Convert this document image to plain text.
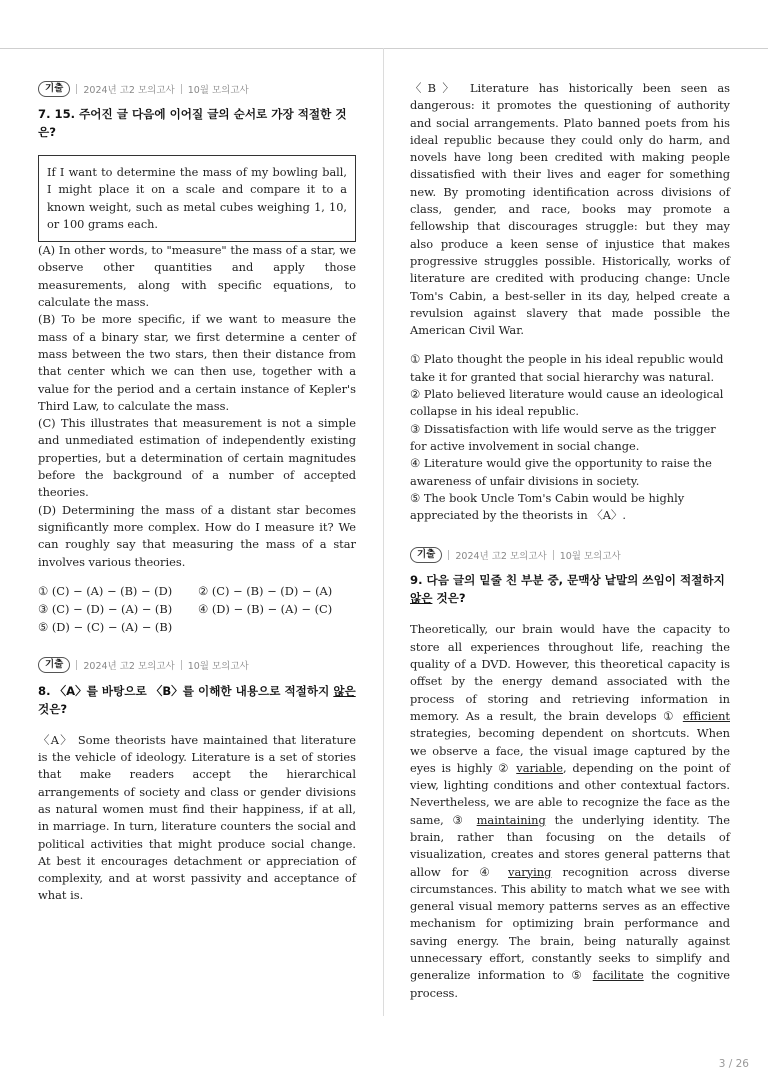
기출	2024년 고2 모의고사 10월 모의고사
7. 15. 주어진 글 다음에 이어질 글의 순서로 가장 적절한 것은?

If I want to determine the mass of my bowling ball, I might place it on a scale and compare it to a known weight, such as metal cubes weighing 1, 10, or 100 grams each.

(A) In other words, to "measure" the mass of a star, we observe other quantities and apply those measurements, along with specific equations, to calculate the mass.

(B) To be more specific, if we want to measure the mass of a binary star, we first determine a center of mass between the two stars, then their distance from that center which we can then use, together with a value for the period and a certain instance of Kepler's Third Law, to calculate the mass.

(C) This illustrates that measurement is not a simple and unmediated estimation of independently existing properties, but a determination of certain magnitudes before the background of a number of accepted theories.

(D) Determining the mass of a distant star becomes significantly more complex. How do I measure it? We can roughly say that measuring the mass of a star involves various theories.

① (C) − (A) − (B) − (D)	② (C) − (B) − (D) − (A)
③ (C) − (D) − (A) − (B)	④ (D) − (B) − (A) − (C)
⑤ (D) − (C) − (A) − (B)
기출	2024년 고2 모의고사 10월 모의고사
8. 〈A〉를 바탕으로 〈B〉를 이해한 내용으로 적절하지 않은 것은?

〈A〉 Some theorists have maintained that literature is the vehicle of ideology. Literature is a set of stories that make readers accept the hierarchical arrangements of society and class or gender divisions as natural women must find their happiness, if at all, in marriage. In turn, literature counters the social and political activities that might produce social change. At best it encourages detachment or appreciation of complexity, and at worst passivity and acceptance of what is.

〈B〉 Literature has historically been seen as dangerous: it promotes the questioning of authority and social arrangements. Plato banned poets from his ideal republic because they could only do harm, and novels have long been credited with making people dissatisfied with their lives and eager for something new. By promoting identification across divisions of class, gender, and race, books may promote a fellowship that discourages struggle: but they may also produce a keen sense of injustice that makes progressive struggles possible. Historically, works of literature are credited with producing change: Uncle Tom's Cabin, a best-seller in its day, helped create a revulsion against slavery that made possible the American Civil War.

① Plato thought the people in his ideal republic would take it for granted that social hierarchy was natural.
② Plato believed literature would cause an ideological collapse in his ideal republic.
③ Dissatisfaction with life would serve as the trigger for active involvement in social change.
④ Literature would give the opportunity to raise the awareness of unfair divisions in society.
⑤ The book Uncle Tom's Cabin would be highly appreciated by the theorists in 〈A〉.
기출	2024년 고2 모의고사 10월 모의고사
9. 다음 글의 밑줄 친 부분 중, 문맥상 낱말의 쓰임이 적절하지 않은 것은?

Theoretically, our brain would have the capacity to store all experiences throughout life, reaching the quality of a DVD. However, this theoretical capacity is offset by the energy demand associated with the process of storing and retrieving information in memory. As a result, the brain develops ① efficient strategies, becoming dependent on shortcuts. When we observe a face, the visual image captured by the eyes is highly ② variable, depending on the point of view, lighting conditions and other contextual factors. Nevertheless, we are able to recognize the face as the same, ③ maintaining the underlying identity. The brain, rather than focusing on the details of visualization, creates and stores general patterns that allow for ④ varying recognition across diverse circumstances. This ability to match what we see with general visual memory patterns serves as an effective mechanism for optimizing brain performance and saving energy. The brain, being naturally against unnecessary effort, constantly seeks to simplify and generalize information to ⑤ facilitate the cognitive process.

3 / 26
